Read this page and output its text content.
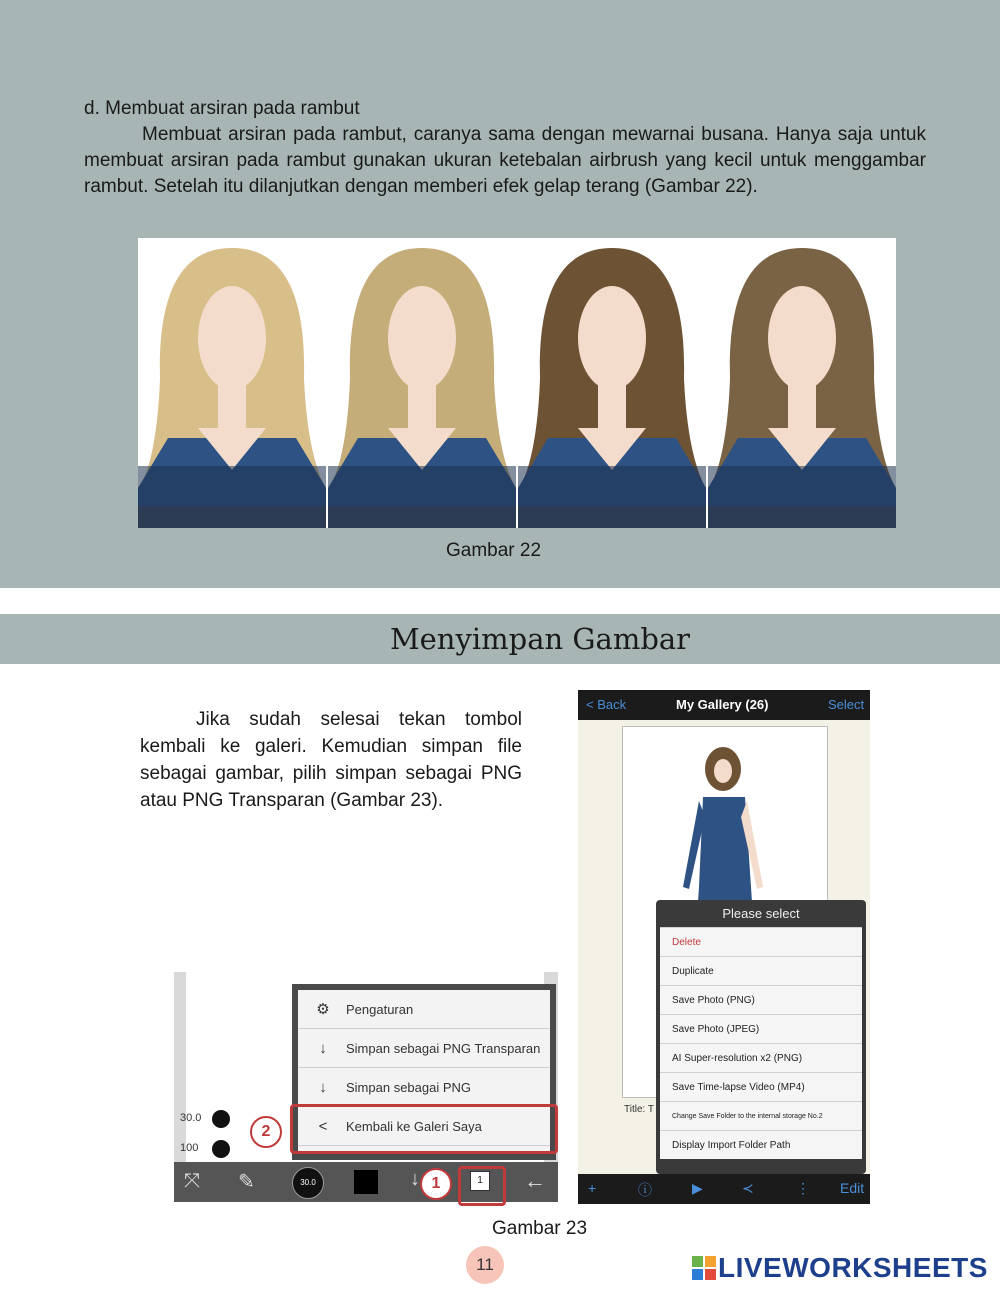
d. Membuat arsiran pada rambut

Membuat arsiran pada rambut, caranya sama dengan mewarnai busana. Hanya saja untuk membuat arsiran pada rambut gunakan ukuran ketebalan airbrush yang kecil untuk menggambar rambut. Setelah itu dilanjutkan dengan memberi efek gelap terang (Gambar 22).

Gambar 22
Menyimpan Gambar

Jika sudah selesai tekan tombol kembali ke galeri. Kemudian simpan file sebagai gambar, pilih simpan sebagai PNG atau PNG Transparan (Gambar 23).

30.0
100
⤧ ✎	30.0	↓	1	←
⚙	Pengaturan
↓	Simpan sebagai PNG Transparan
↓	Simpan sebagai PNG
<	Kembali ke Galeri Saya
2
1
< Back	My Gallery (26)	Select
Title: T
Please select
Delete
Duplicate
Save Photo (PNG)
Save Photo (JPEG)
AI Super-resolution x2 (PNG)
Save Time-lapse Video (MP4)
Change Save Folder to the internal storage No.2
Display Import Folder Path
+	ⓘ	▶	≺	⋮ Edit
Gambar 23
11	LIVEWORKSHEETS
